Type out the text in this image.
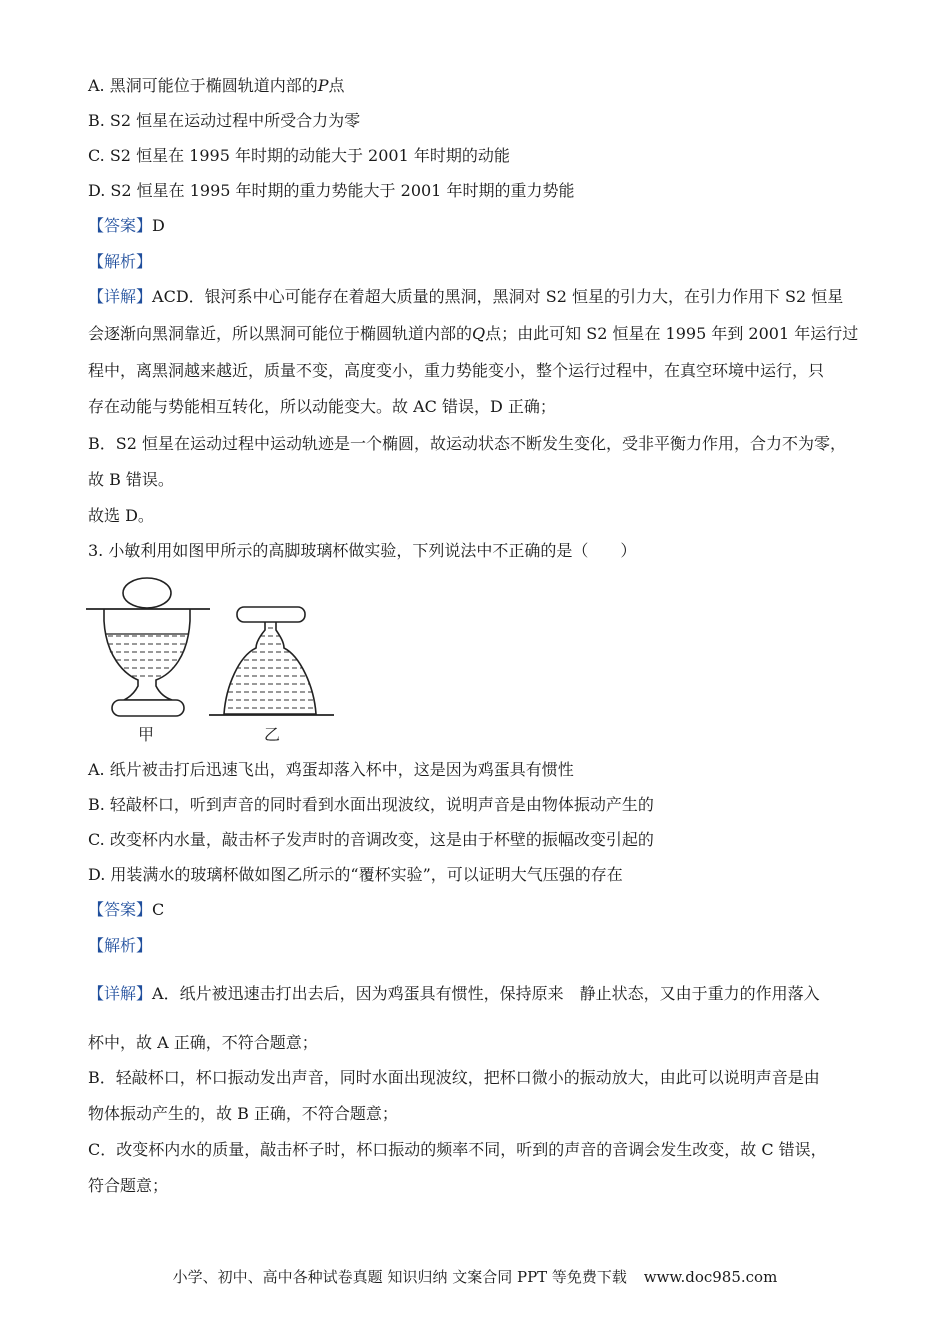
A. 黑洞可能位于椭圆轨道内部的P点
B. S2 恒星在运动过程中所受合力为零
C. S2 恒星在 1995 年时期的动能大于 2001 年时期的动能
D. S2 恒星在 1995 年时期的重力势能大于 2001 年时期的重力势能
【答案】D
【解析】
【详解】ACD．银河系中心可能存在着超大质量的黑洞，黑洞对 S2 恒星的引力大，在引力作用下 S2 恒星
会逐渐向黑洞靠近，所以黑洞可能位于椭圆轨道内部的Q点；由此可知 S2 恒星在 1995 年到 2001 年运行过
程中，离黑洞越来越近，质量不变，高度变小，重力势能变小，整个运行过程中，在真空环境中运行，只
存在动能与势能相互转化，所以动能变大。故 AC 错误，D 正确；
B．S2 恒星在运动过程中运动轨迹是一个椭圆，故运动状态不断发生变化，受非平衡力作用，合力不为零，
故 B 错误。
故选 D。
3. 小敏利用如图甲所示的高脚玻璃杯做实验，下列说法中不正确的是（　　）
甲	乙
A. 纸片被击打后迅速飞出，鸡蛋却落入杯中，这是因为鸡蛋具有惯性
B. 轻敲杯口，听到声音的同时看到水面出现波纹，说明声音是由物体振动产生的
C. 改变杯内水量，敲击杯子发声时的音调改变，这是由于杯壁的振幅改变引起的
D. 用装满水的玻璃杯做如图乙所示的“覆杯实验”，可以证明大气压强的存在
【答案】C
【解析】
【详解】A．纸片被迅速击打出去后，因为鸡蛋具有惯性，保持原来　静止状态，又由于重力的作用落入
杯中，故 A 正确，不符合题意；
B．轻敲杯口，杯口振动发出声音，同时水面出现波纹，把杯口微小的振动放大，由此可以说明声音是由
物体振动产生的，故 B 正确，不符合题意；
C．改变杯内水的质量，敲击杯子时，杯口振动的频率不同，听到的声音的音调会发生改变，故 C 错误，
符合题意；
小学、初中、高中各种试卷真题 知识归纳 文案合同 PPT 等免费下载 www.doc985.com
